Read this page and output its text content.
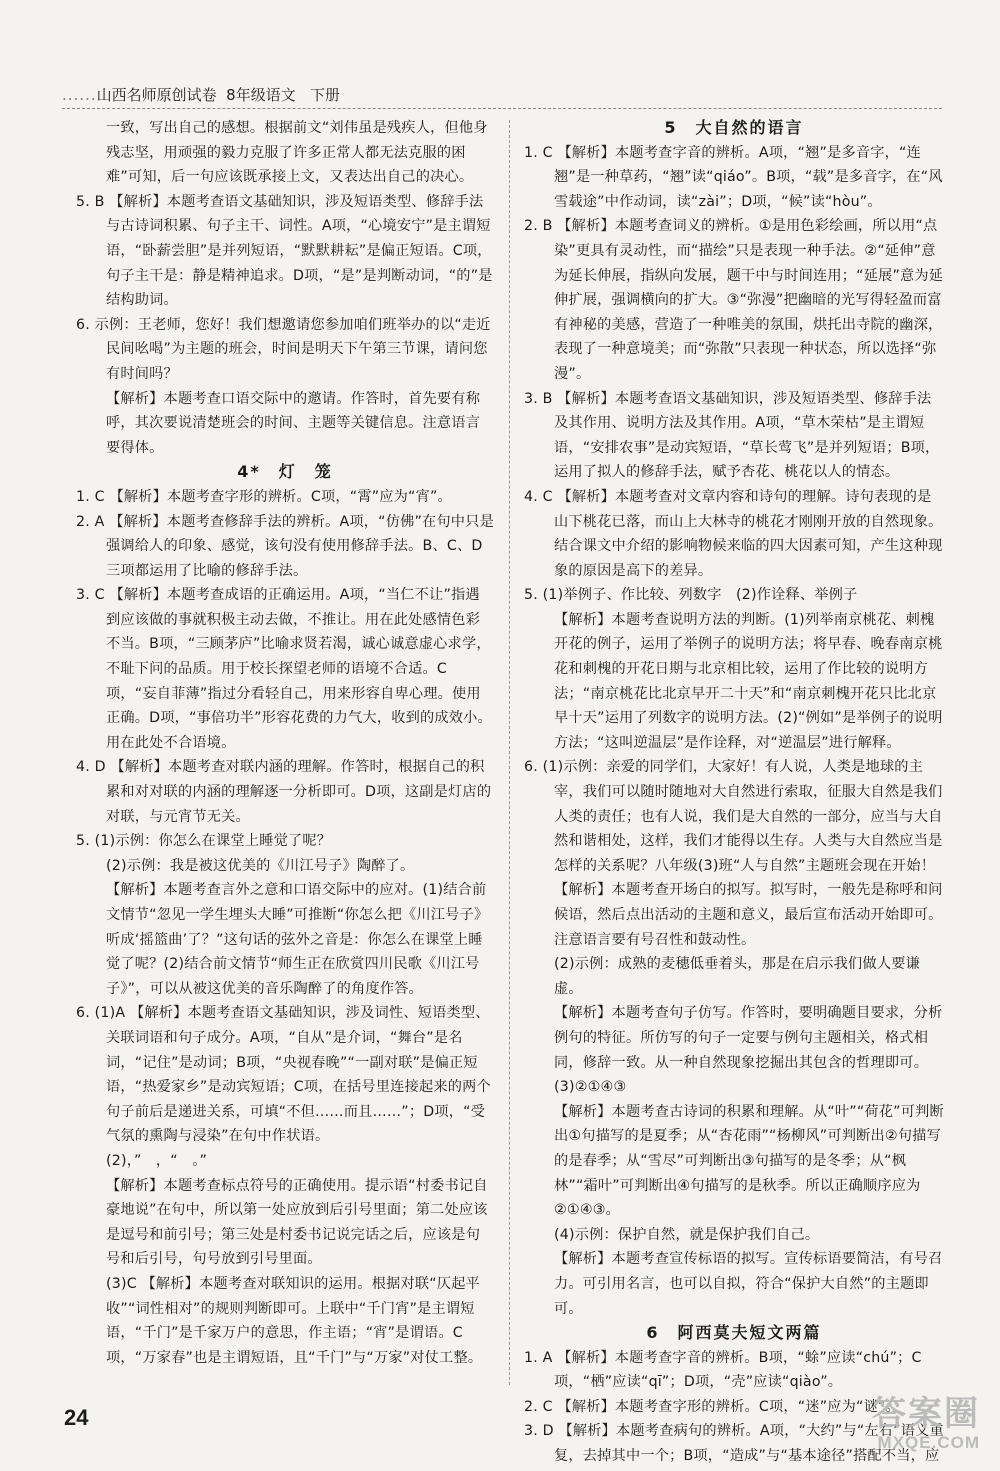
......山西名师原创试卷 8年级语文 下册

一致，写出自己的感想。根据前文“刘伟虽是残疾人，但他身残志坚，用顽强的毅力克服了许多正常人都无法克服的困难”可知，后一句应该既承接上文，又表达出自己的决心。

5. B 【解析】本题考查语文基础知识，涉及短语类型、修辞手法与古诗词积累、句子主干、词性。A项，“心境安宁”是主谓短语，“卧薪尝胆”是并列短语，“默默耕耘”是偏正短语。C项，句子主干是：静是精神追求。D项，“是”是判断动词，“的”是结构助词。

6. 示例：王老师，您好！我们想邀请您参加咱们班举办的以“走近民间吆喝”为主题的班会，时间是明天下午第三节课，请问您有时间吗？

【解析】本题考查口语交际中的邀请。作答时，首先要有称呼，其次要说清楚班会的时间、主题等关键信息。注意语言要得体。

4*　灯　笼

1. C 【解析】本题考查字形的辨析。C项，“霄”应为“宵”。

2. A 【解析】本题考查修辞手法的辨析。A项，“仿佛”在句中只是强调给人的印象、感觉，该句没有使用修辞手法。B、C、D三项都运用了比喻的修辞手法。

3. C 【解析】本题考查成语的正确运用。A项，“当仁不让”指遇到应该做的事就积极主动去做，不推让。用在此处感情色彩不当。B项，“三顾茅庐”比喻求贤若渴，诚心诚意虚心求学，不耻下问的品质。用于校长探望老师的语境不合适。C项，“妄自菲薄”指过分看轻自己，用来形容自卑心理。使用正确。D项，“事倍功半”形容花费的力气大，收到的成效小。用在此处不合语境。

4. D 【解析】本题考查对联内涵的理解。作答时，根据自己的积累和对对联的内涵的理解逐一分析即可。D项，这副是灯店的对联，与元宵节无关。

5. (1)示例：你怎么在课堂上睡觉了呢？

(2)示例：我是被这优美的《川江号子》陶醉了。

【解析】本题考查言外之意和口语交际中的应对。(1)结合前文情节“忽见一学生埋头大睡”可推断“你怎么把《川江号子》听成‘摇篮曲’了？”这句话的弦外之音是：你怎么在课堂上睡觉了呢？(2)结合前文情节“师生正在欣赏四川民歌《川江号子》”，可以从被这优美的音乐陶醉了的角度作答。

6. (1)A 【解析】本题考查语文基础知识，涉及词性、短语类型、关联词语和句子成分。A项，“自从”是介词，“舞台”是名词，“记住”是动词；B项，“央视春晚”“一副对联”是偏正短语，“热爱家乡”是动宾短语；C项，在括号里连接起来的两个句子前后是递进关系，可填“不但……而且……”；D项，“受气氛的熏陶与浸染”在句中作状语。

(2)，”　，“　。”

【解析】本题考查标点符号的正确使用。提示语“村委书记自豪地说”在句中，所以第一处应放到后引号里面；第二处应该是逗号和前引号；第三处是村委书记说完话之后，应该是句号和后引号，句号放到引号里面。

(3)C 【解析】本题考查对联知识的运用。根据对联“仄起平收”“词性相对”的规则判断即可。上联中“千门宵”是主谓短语，“千门”是千家万户的意思，作主语；“宵”是谓语。C项，“万家春”也是主谓短语，且“千门”与“万家”对仗工整。

5　大自然的语言

1. C 【解析】本题考查字音的辨析。A项，“翘”是多音字，“连翘”是一种草药，“翘”读“qiáo”。B项，“载”是多音字，在“风雪载途”中作动词，读“zài”；D项，“候”读“hòu”。

2. B 【解析】本题考查词义的辨析。①是用色彩绘画，所以用“点染”更具有灵动性，而“描绘”只是表现一种手法。②“延伸”意为延长伸展，指纵向发展，题干中与时间连用；“延展”意为延伸扩展，强调横向的扩大。③“弥漫”把幽暗的光写得轻盈而富有神秘的美感，营造了一种唯美的氛围，烘托出寺院的幽深，表现了一种意境美；而“弥散”只表现一种状态，所以选择“弥漫”。

3. B 【解析】本题考查语文基础知识，涉及短语类型、修辞手法及其作用、说明方法及其作用。A项，“草木荣枯”是主谓短语，“安排农事”是动宾短语，“草长莺飞”是并列短语；B项，运用了拟人的修辞手法，赋予杏花、桃花以人的情态。

4. C 【解析】本题考查对文章内容和诗句的理解。诗句表现的是山下桃花已落，而山上大林寺的桃花才刚刚开放的自然现象。结合课文中介绍的影响物候来临的四大因素可知，产生这种现象的原因是高下的差异。

5. (1)举例子、作比较、列数字　(2)作诠释、举例子

【解析】本题考查说明方法的判断。(1)列举南京桃花、刺槐开花的例子，运用了举例子的说明方法；将早春、晚春南京桃花和刺槐的开花日期与北京相比较，运用了作比较的说明方法；“南京桃花比北京早开二十天”和“南京刺槐开花只比北京早十天”运用了列数字的说明方法。(2)“例如”是举例子的说明方法；“这叫逆温层”是作诠释，对“逆温层”进行解释。

6. (1)示例：亲爱的同学们，大家好！有人说，人类是地球的主宰，我们可以随时随地对大自然进行索取，征服大自然是我们人类的责任；也有人说，我们是大自然的一部分，应当与大自然和谐相处，这样，我们才能得以生存。人类与大自然应当是怎样的关系呢？八年级(3)班“人与自然”主题班会现在开始！

【解析】本题考查开场白的拟写。拟写时，一般先是称呼和问候语，然后点出活动的主题和意义，最后宣布活动开始即可。注意语言要有号召性和鼓动性。

(2)示例：成熟的麦穗低垂着头，那是在启示我们做人要谦虚。

【解析】本题考查句子仿写。作答时，要明确题目要求，分析例句的特征。所仿写的句子一定要与例句主题相关，格式相同，修辞一致。从一种自然现象挖掘出其包含的哲理即可。

(3)②①④③

【解析】本题考查古诗词的积累和理解。从“叶”“荷花”可判断出①句描写的是夏季；从“杏花雨”“杨柳风”可判断出②句描写的是春季；从“雪尽”可判断出③句描写的是冬季；从“枫林”“霜叶”可判断出④句描写的是秋季。所以正确顺序应为②①④③。

(4)示例：保护自然，就是保护我们自己。

【解析】本题考查宣传标语的拟写。宣传标语要简洁，有号召力。可引用名言，也可以自拟，符合“保护大自然”的主题即可。

6　阿西莫夫短文两篇

1. A 【解析】本题考查字音的辨析。B项，“蜍”应读“chú”；C项，“栖”应读“qī”；D项，“壳”应读“qiào”。

2. C 【解析】本题考查字形的辨析。C项，“迷”应为“谜”。

3. D 【解析】本题考查病句的辨析。A项，“大约”与“左右”语义重复，去掉其中一个；B项，“造成”与“基本途径”搭配不当，应

24	答案圈
MXQE.COM
